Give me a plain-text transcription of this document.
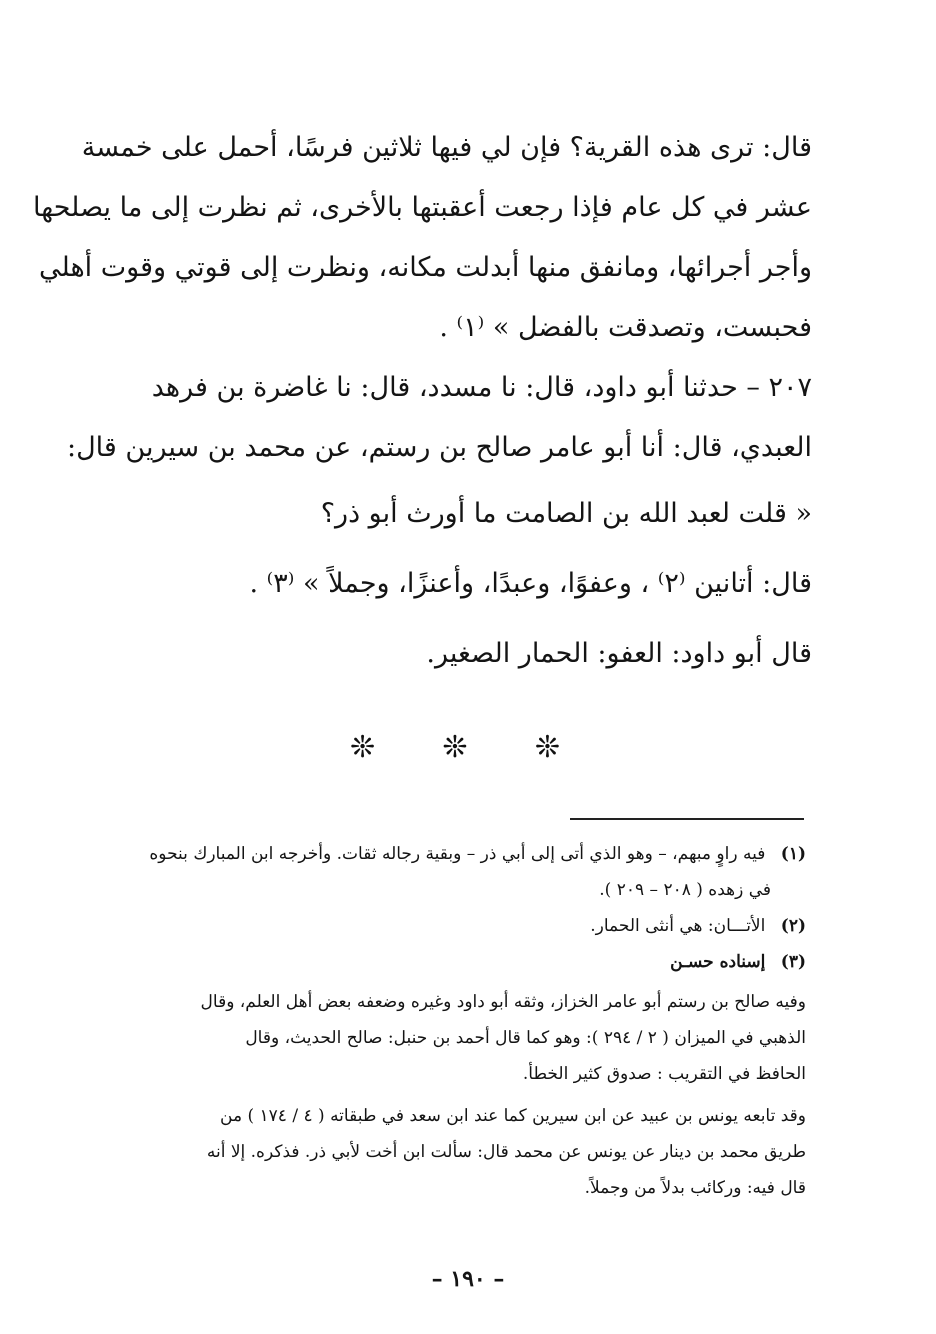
قال: ترى هذه القرية؟ فإن لي فيها ثلاثين فرسًا، أحمل على خمسة
عشر في كل عام فإذا رجعت أعقبتها بالأخرى، ثم نظرت إلى ما يصلحها
وأجر أجرائها، ومانفق منها أبدلت مكانه، ونظرت إلى قوتي وقوت أهلي
فحبست، وتصدقت بالفضل » ⁽١⁾ .
٢٠٧ – حدثنا أبو داود، قال: نا مسدد، قال: نا غاضرة بن فرهد
العبدي، قال: أنا أبو عامر صالح بن رستم، عن محمد بن سيرين قال:
« قلت لعبد الله بن الصامت ما أورث أبو ذر؟
قال: أتانين ⁽٢⁾ ، وعفوًا، وعبدًا، وأعنزًا، وجملاً » ⁽٣⁾ .
قال أبو داود: العفو: الحمار الصغير.
❊ ❊ ❊
(١) فيه راوٍ مبهم، – وهو الذي أتى إلى أبي ذر – وبقية رجاله ثقات. وأخرجه ابن المبارك بنحوه
في زهده ( ٢٠٨ – ٢٠٩ ).
(٢) الأتـــان: هي أنثى الحمار.
(٣) إسناده حسـن
وفيه صالح بن رستم أبو عامر الخزاز، وثقه أبو داود وغيره وضعفه بعض أهل العلم، وقال
الذهبي في الميزان ( ٢ / ٢٩٤ ): وهو كما قال أحمد بن حنبل: صالح الحديث، وقال
الحافظ في التقريب : صدوق كثير الخطأ.
وقد تابعه يونس بن عبيد عن ابن سيرين كما عند ابن سعد في طبقاته ( ٤ / ١٧٤ ) من
طريق محمد بن دينار عن يونس عن محمد قال: سألت ابن أخت لأبي ذر. فذكره. إلا أنه
قال فيه: وركائب بدلاً من وجملاً.
– ١٩٠ –
